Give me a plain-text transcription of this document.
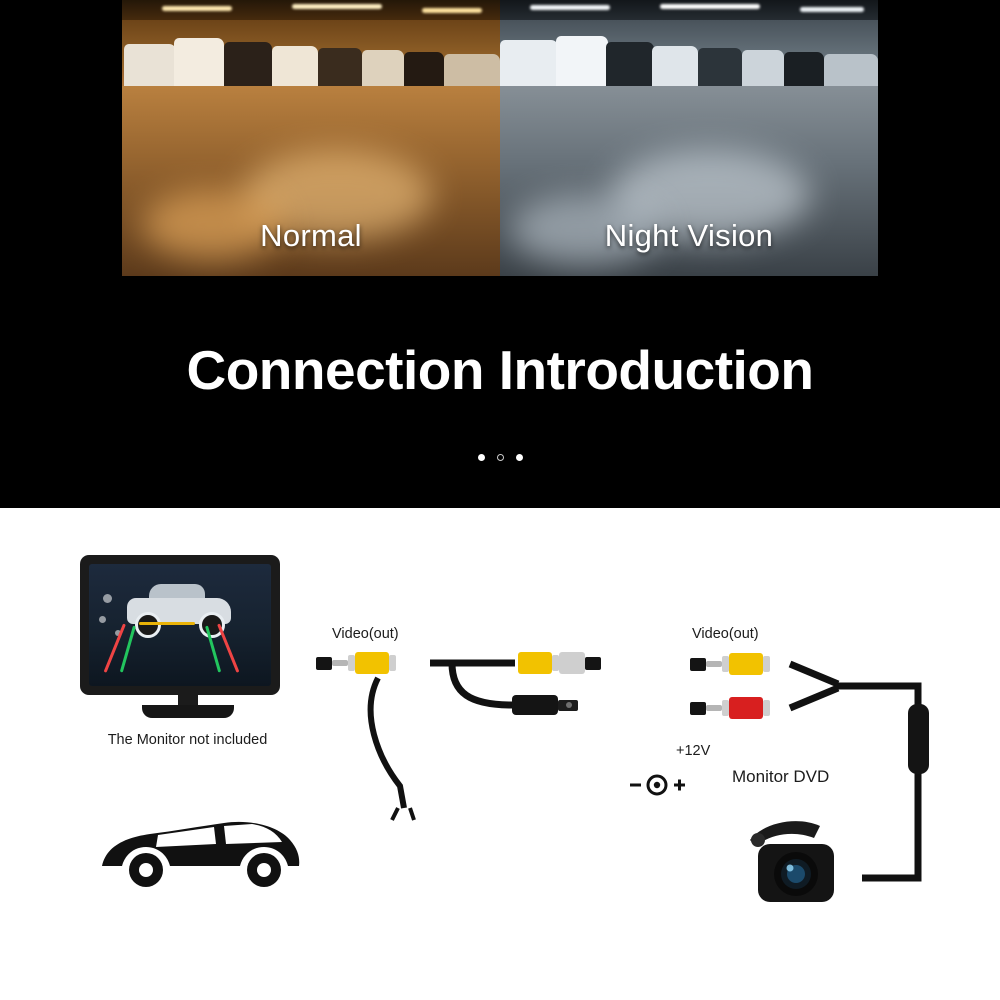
Normal	Night Vision
Connection Introduction
The Monitor not included
Video(out)	Video(out)
+12V
Monitor DVD
